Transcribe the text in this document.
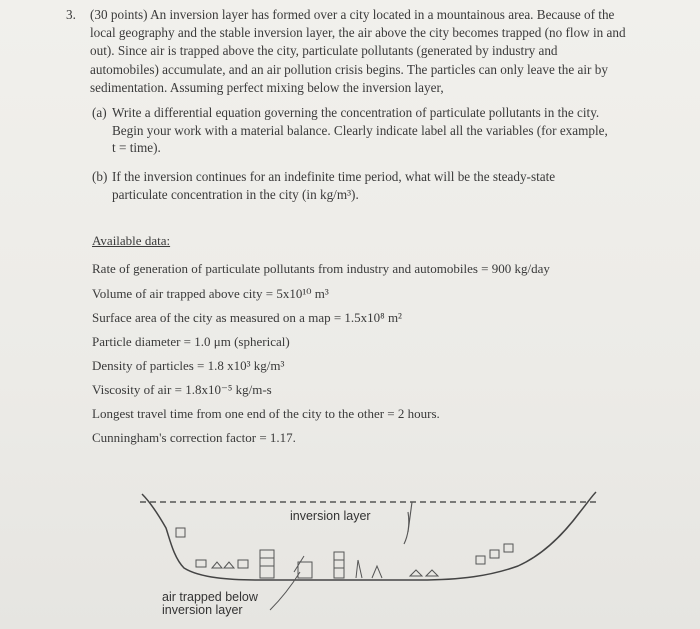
3. (30 points) An inversion layer has formed over a city located in a mountainous area. Because of the local geography and the stable inversion layer, the air above the city becomes trapped (no flow in and out). Since air is trapped above the city, particulate pollutants (generated by industry and automobiles) accumulate, and an air pollution crisis begins. The particles can only leave the air by sedimentation. Assuming perfect mixing below the inversion layer,
(a) Write a differential equation governing the concentration of particulate pollutants in the city. Begin your work with a material balance. Clearly indicate label all the variables (for example, t = time).
(b) If the inversion continues for an indefinite time period, what will be the steady-state particulate concentration in the city (in kg/m³).
Available data:
Rate of generation of particulate pollutants from industry and automobiles = 900 kg/day
Volume of air trapped above city = 5x10¹⁰ m³
Surface area of the city as measured on a map = 1.5x10⁸ m²
Particle diameter = 1.0 μm (spherical)
Density of particles = 1.8 x10³ kg/m³
Viscosity of air = 1.8x10⁻⁵ kg/m-s
Longest travel time from one end of the city to the other = 2 hours.
Cunningham's correction factor = 1.17.
inversion layer
air trapped below
inversion layer
